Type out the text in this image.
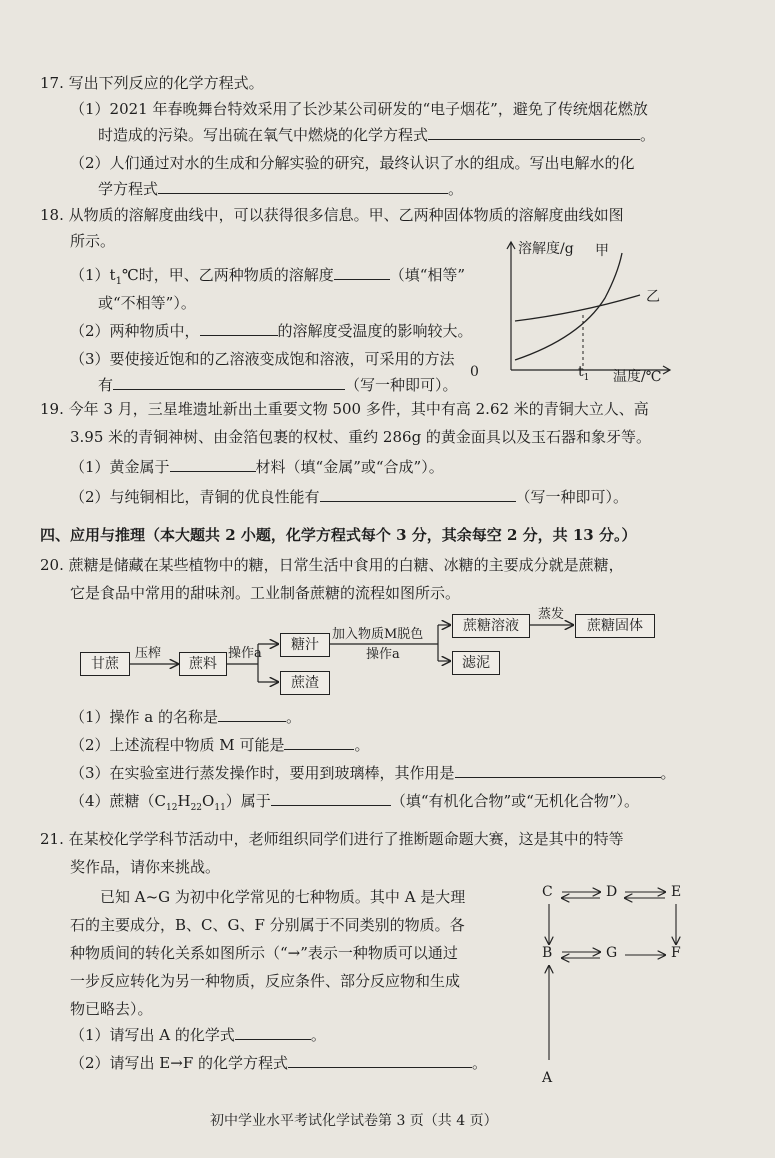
17. 写出下列反应的化学方程式。
（1）2021 年春晚舞台特效采用了长沙某公司研发的“电子烟花”，避免了传统烟花燃放
时造成的污染。写出硫在氧气中燃烧的化学方程式	。
（2）人们通过对水的生成和分解实验的研究，最终认识了水的组成。写出电解水的化
学方程式	。
18. 从物质的溶解度曲线中，可以获得很多信息。甲、乙两种固体物质的溶解度曲线如图
所示。
$(1)t_1℃$时，甲、乙两种物质的溶解度	（填“相等”
或“不相等”）。
（2）两种物质中，	的溶解度受温度的影响较大。
（3）要使接近饱和的乙溶液变成饱和溶液，可采用的方法
有	（写一种即可）。
溶解度/g 甲
乙
0	$t_1$ 温度/℃
19. 今年 3 月，三星堆遗址新出土重要文物 500 多件，其中有高 2.62 米的青铜大立人、高
3.95 米的青铜神树、由金箔包裹的权杖、重约 286g 的黄金面具以及玉石器和象牙等。
（1）黄金属于	材料（填“金属”或“合成”）。
（2）与纯铜相比，青铜的优良性能有	（写一种即可）。
四、应用与推理（本大题共 2 小题，化学方程式每个 3 分，其余每空 2 分，共 13 分。）
20. 蔗糖是储藏在某些植物中的糖，日常生活中食用的白糖、冰糖的主要成分就是蔗糖，
它是食品中常用的甜味剂。工业制备蔗糖的流程如图所示。
甘蔗
压榨
蔗料
操作a
糖汁
蔗渣
加入物质M脱色
操作a
蔗糖溶液
蒸发
蔗糖固体
滤泥
（1）操作 a 的名称是	。
（2）上述流程中物质 M 可能是	。
（3）在实验室进行蒸发操作时，要用到玻璃棒，其作用是	。
（4）蔗糖$(C_{12}H_{22}O_{11})$属于	（填“有机化合物”或“无机化合物”）。
21. 在某校化学学科节活动中，老师组织同学们进行了推断题命题大赛，这是其中的特等
奖作品，请你来挑战。
已知 A~G 为初中化学常见的七种物质。其中 A 是大理
石的主要成分，B、C、G、F 分别属于不同类别的物质。各
种物质间的转化关系如图所示（“→”表示一种物质可以通过
一步反应转化为另一种物质，反应条件、部分反应物和生成
物已略去）。
（1）请写出 A 的化学式	。
（2）请写出 E→F 的化学方程式	。
C	D	E
B	G	F
A
初中学业水平考试化学试卷第 3 页（共 4 页）
